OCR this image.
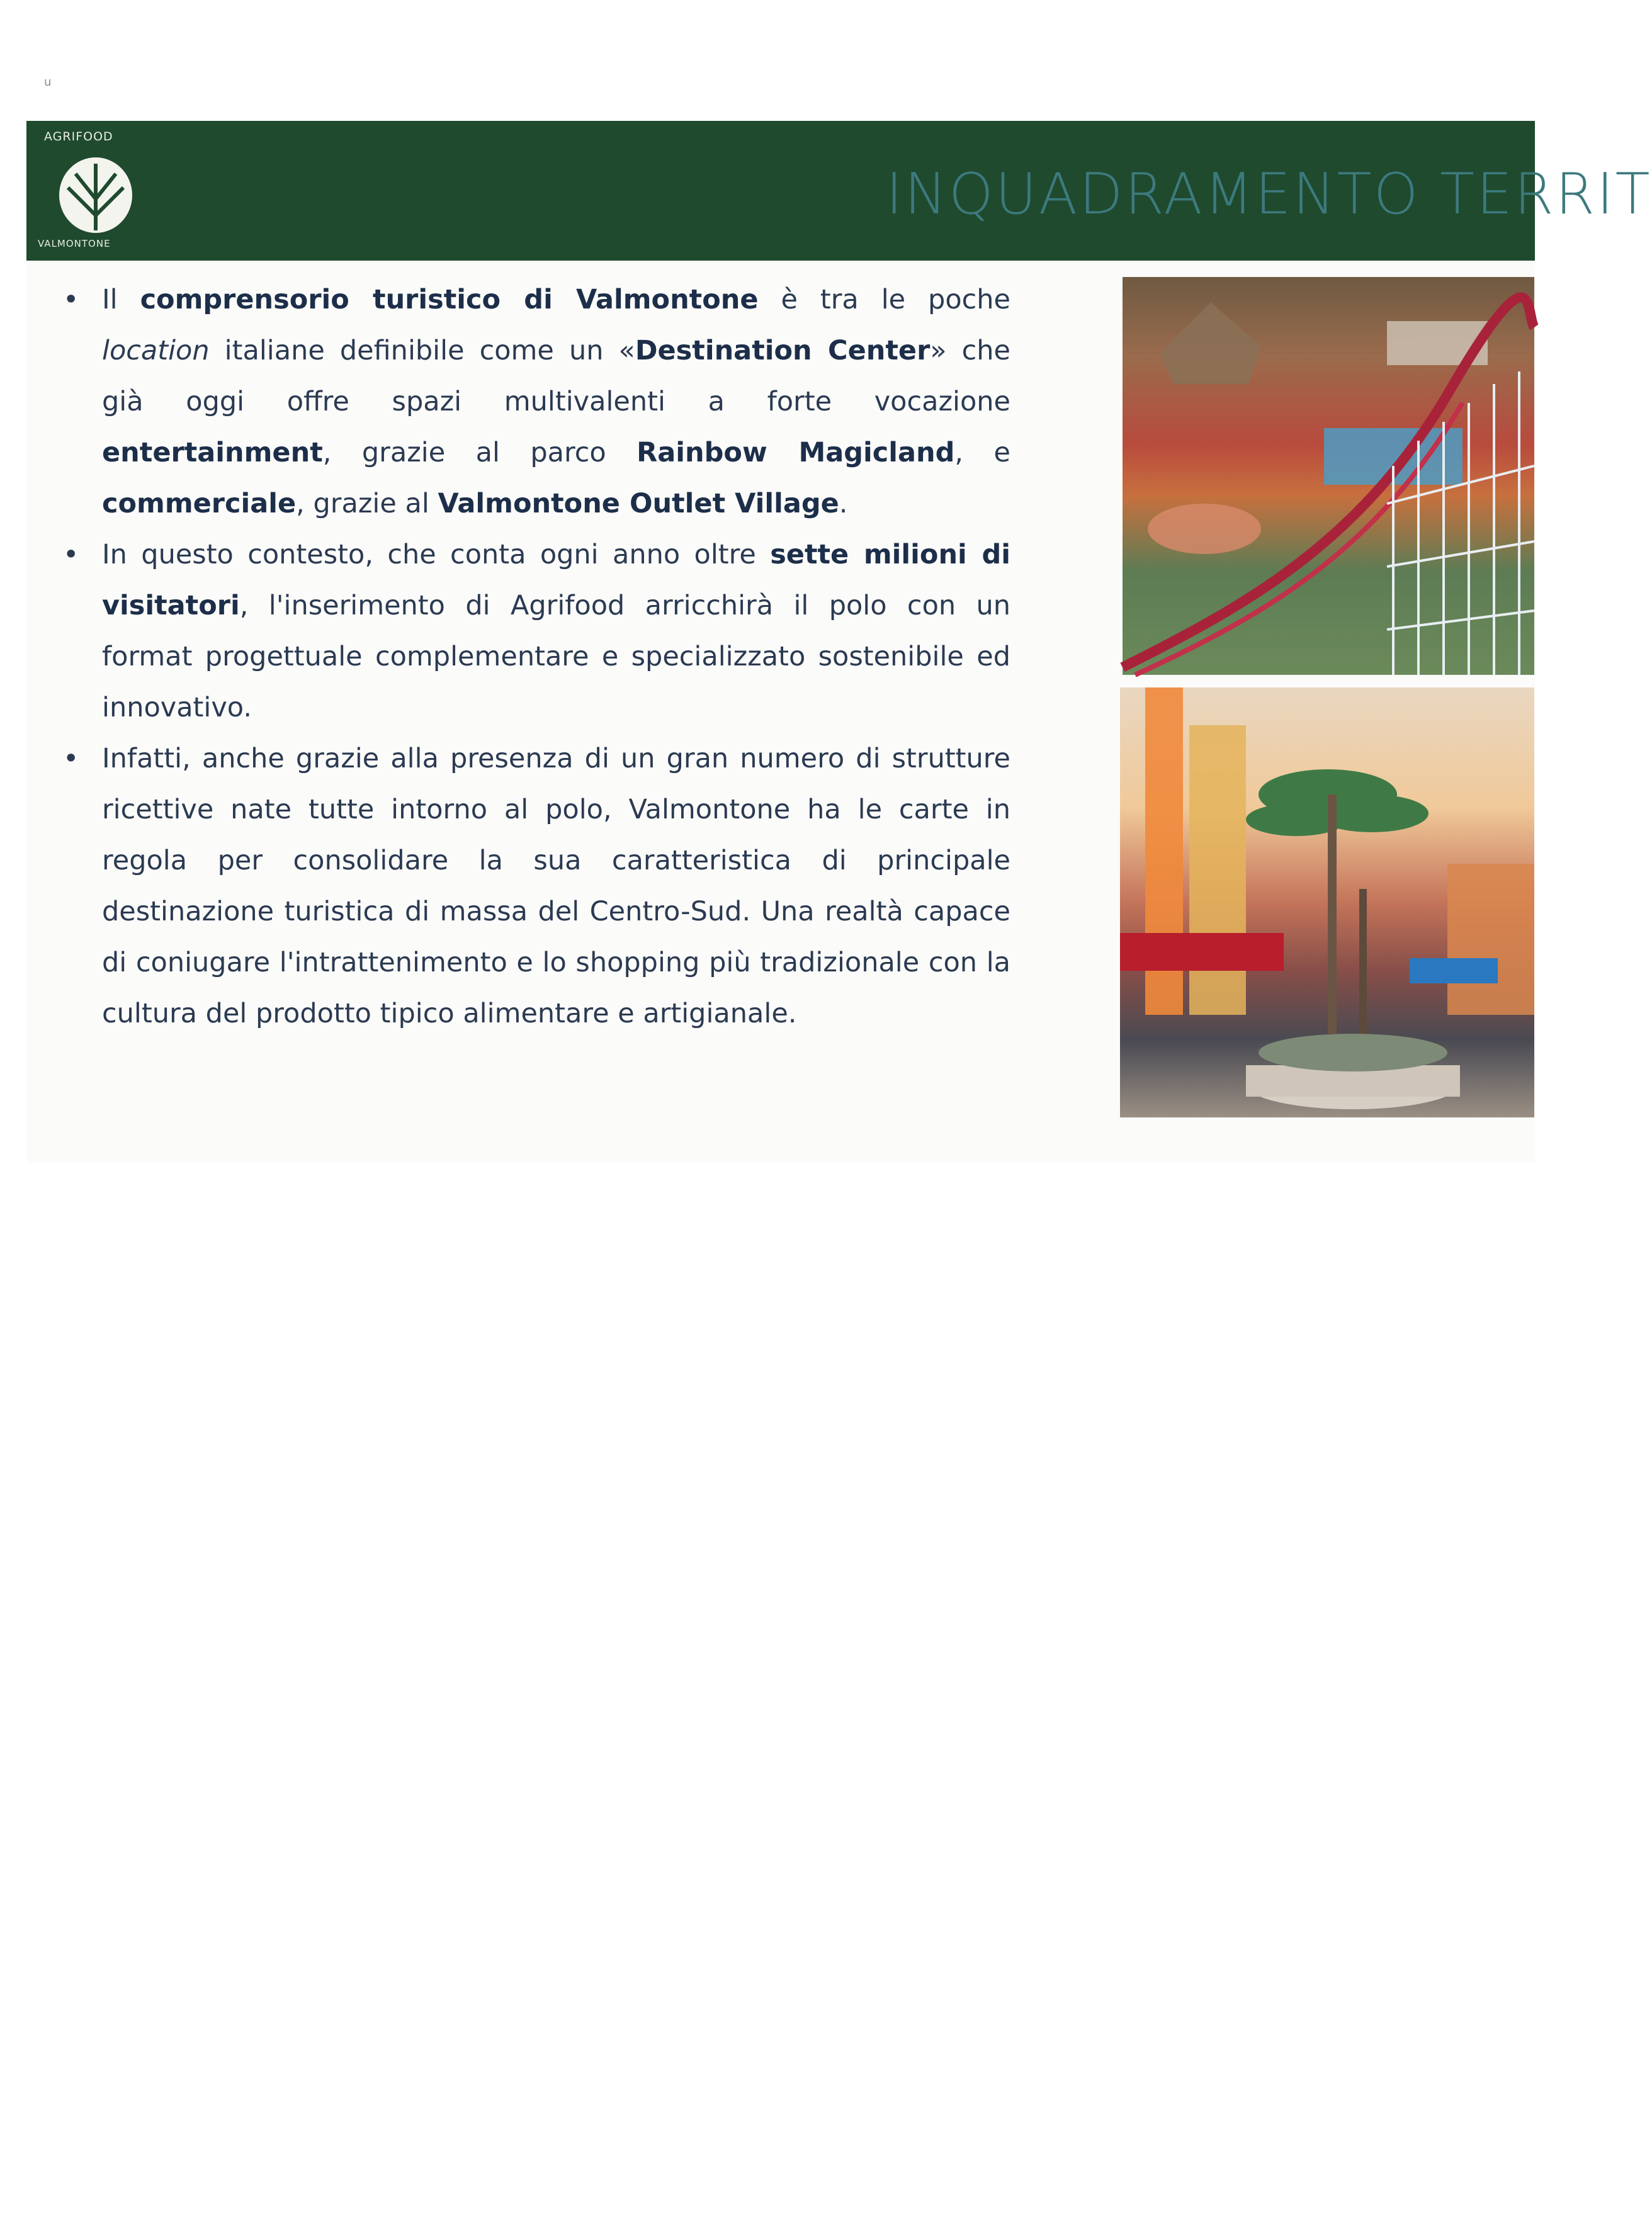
u
AGRIFOOD
VALMONTONE
INQUADRAMENTO TERRIT
• Il comprensorio turistico di Valmontone è tra le poche location italiane definibile come un «Destination Center» che già oggi offre spazi multivalenti a forte vocazione entertainment, grazie al parco Rainbow Magicland, e commerciale, grazie al Valmontone Outlet Village.
• In questo contesto, che conta ogni anno oltre sette milioni di visitatori, l'inserimento di Agrifood arricchirà il polo con un format progettuale complementare e specializzato sostenibile ed innovativo.
• Infatti, anche grazie alla presenza di un gran numero di strutture ricettive nate tutte intorno al polo, Valmontone ha le carte in regola per consolidare la sua caratteristica di principale destinazione turistica di massa del Centro-Sud. Una realtà capace di coniugare l'intrattenimento e lo shopping più tradizionale con la cultura del prodotto tipico alimentare e artigianale.
